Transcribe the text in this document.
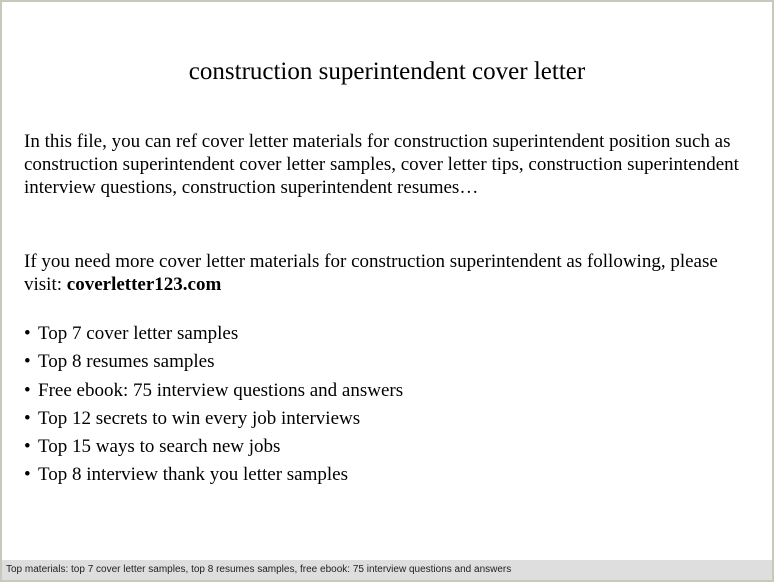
construction superintendent cover letter

In this file, you can ref cover letter materials for construction superintendent position such as construction superintendent cover letter samples, cover letter tips, construction superintendent interview questions, construction superintendent resumes…

If you need more cover letter materials for construction superintendent as following, please visit: coverletter123.com

• Top 7 cover letter samples
• Top 8 resumes samples
• Free ebook: 75 interview questions and answers
• Top 12 secrets to win every job interviews
• Top 15 ways to search new jobs
• Top 8 interview thank you letter samples
Top materials: top 7 cover letter samples, top 8 resumes samples, free ebook: 75 interview questions and answers
